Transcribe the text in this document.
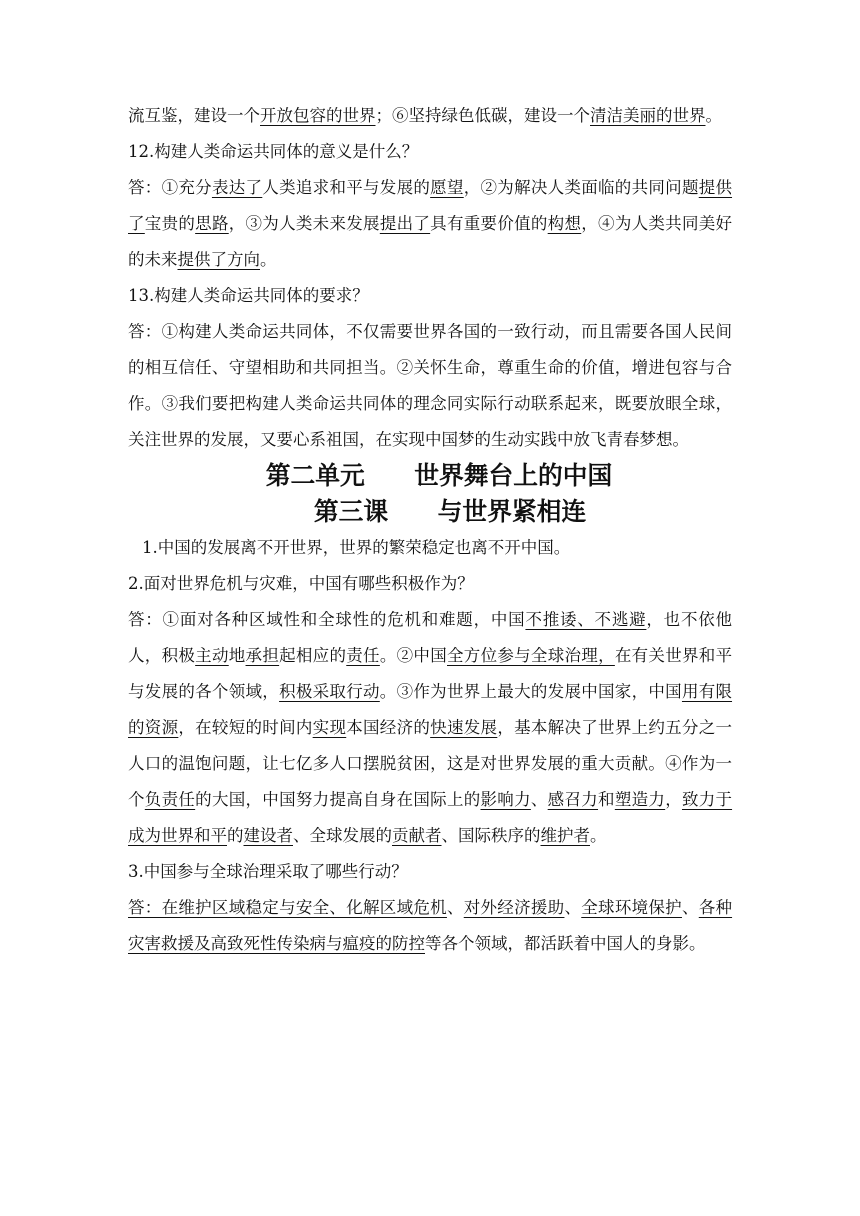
流互鉴，建设一个开放包容的世界；⑥坚持绿色低碳，建设一个清洁美丽的世界。

12.构建人类命运共同体的意义是什么？

答：①充分表达了人类追求和平与发展的愿望，②为解决人类面临的共同问题提供了宝贵的思路，③为人类未来发展提出了具有重要价值的构想，④为人类共同美好的未来提供了方向。

13.构建人类命运共同体的要求？

答：①构建人类命运共同体，不仅需要世界各国的一致行动，而且需要各国人民间的相互信任、守望相助和共同担当。②关怀生命，尊重生命的价值，增进包容与合作。③我们要把构建人类命运共同体的理念同实际行动联系起来，既要放眼全球，关注世界的发展，又要心系祖国，在实现中国梦的生动实践中放飞青春梦想。

第二单元　　世界舞台上的中国
第三课　　与世界紧相连

1.中国的发展离不开世界，世界的繁荣稳定也离不开中国。

2.面对世界危机与灾难，中国有哪些积极作为？

答：①面对各种区域性和全球性的危机和难题，中国不推诿、不逃避，也不依他人，积极主动地承担起相应的责任。②中国全方位参与全球治理，在有关世界和平与发展的各个领域，积极采取行动。③作为世界上最大的发展中国家，中国用有限的资源，在较短的时间内实现本国经济的快速发展，基本解决了世界上约五分之一人口的温饱问题，让七亿多人口摆脱贫困，这是对世界发展的重大贡献。④作为一个负责任的大国，中国努力提高自身在国际上的影响力、感召力和塑造力，致力于成为世界和平的建设者、全球发展的贡献者、国际秩序的维护者。

3.中国参与全球治理采取了哪些行动？

答：在维护区域稳定与安全、化解区域危机、对外经济援助、全球环境保护、各种灾害救援及高致死性传染病与瘟疫的防控等各个领域，都活跃着中国人的身影。
